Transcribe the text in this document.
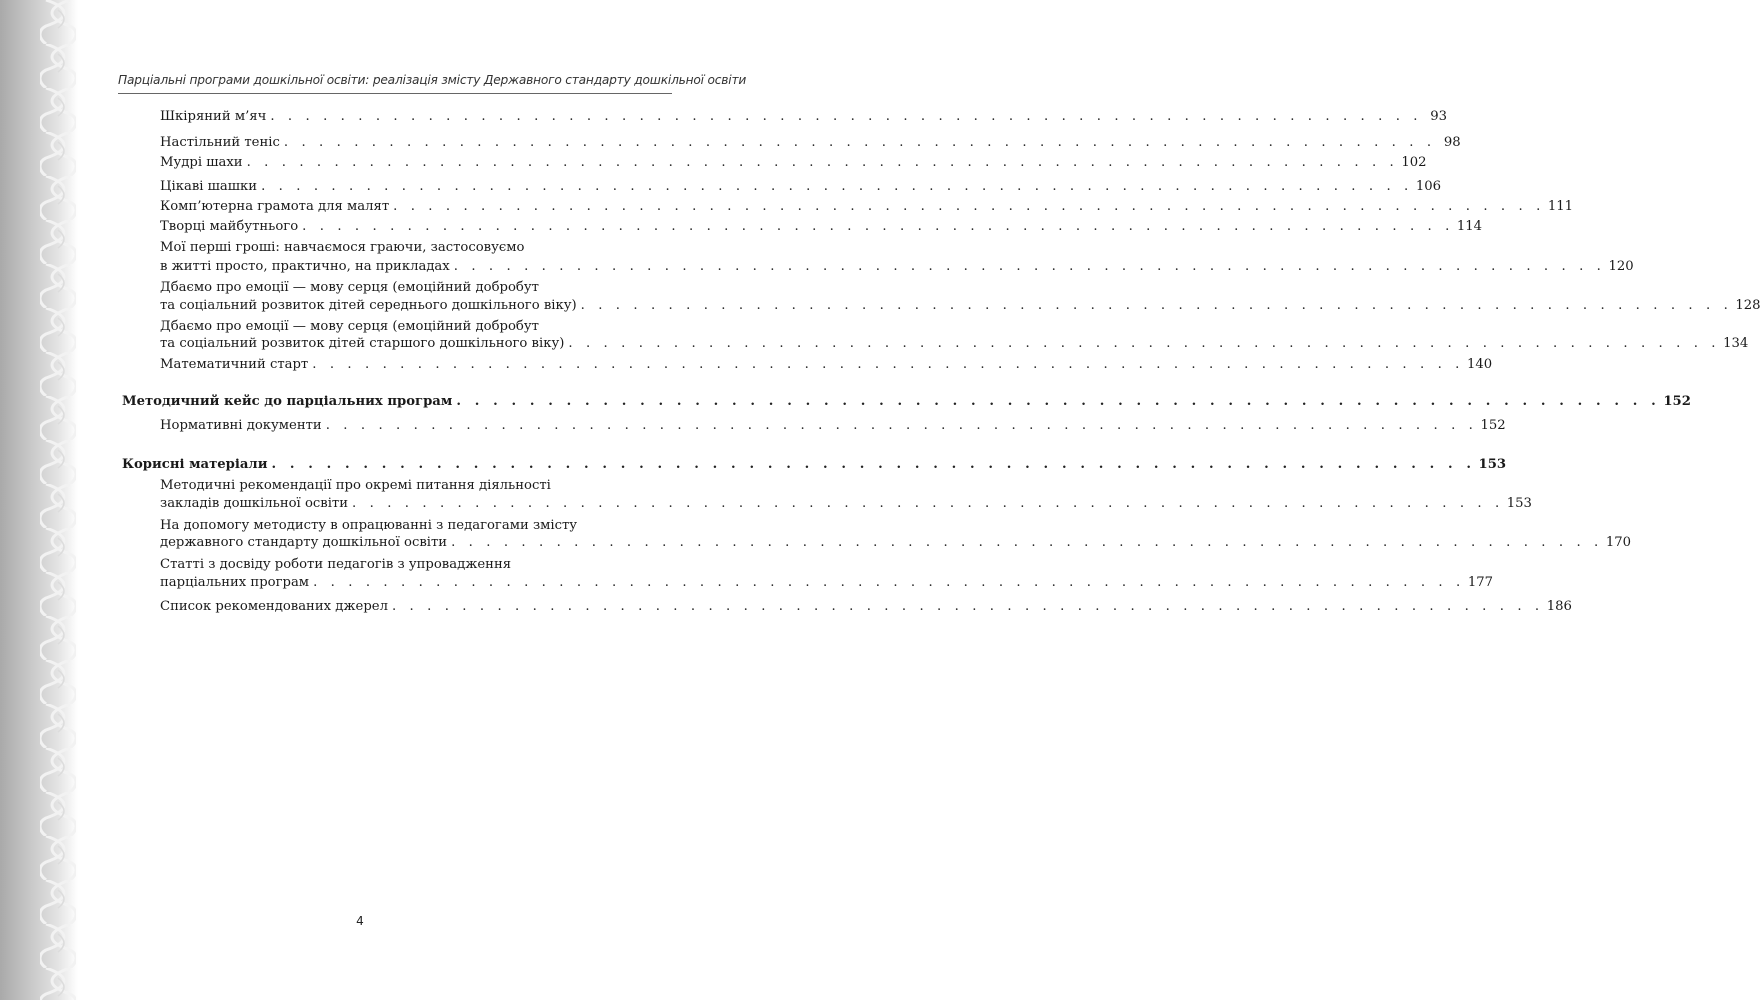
Парціальні програми дошкільної освіти: реалізація змісту Державного стандарту дошкільної освіти
Шкіряний м’яч . . . . . . . . . . . . . . . . . . . . . . . . . . . . . . . . . . . . . . . . . . . . . . . . . . . . . . . . . . . . . . . . . . 93
Настільний теніс . . . . . . . . . . . . . . . . . . . . . . . . . . . . . . . . . . . . . . . . . . . . . . . . . . . . . . . . . . . . . . . . . . 98
Мудрі шахи . . . . . . . . . . . . . . . . . . . . . . . . . . . . . . . . . . . . . . . . . . . . . . . . . . . . . . . . . . . . . . . . . . 102
Цікаві шашки . . . . . . . . . . . . . . . . . . . . . . . . . . . . . . . . . . . . . . . . . . . . . . . . . . . . . . . . . . . . . . . . . . 106
Комп’ютерна грамота для малят . . . . . . . . . . . . . . . . . . . . . . . . . . . . . . . . . . . . . . . . . . . . . . . . . . . . . . . . . . . . . . . . . . 111
Творці майбутнього . . . . . . . . . . . . . . . . . . . . . . . . . . . . . . . . . . . . . . . . . . . . . . . . . . . . . . . . . . . . . . . . . . 114
Мої перші гроші: навчаємося граючи, застосовуємо
в житті просто, практично, на прикладах . . . . . . . . . . . . . . . . . . . . . . . . . . . . . . . . . . . . . . . . . . . . . . . . . . . . . . . . . . . . . . . . . . 120
Дбаємо про емоції — мову серця (емоційний добробут
та соціальний розвиток дітей середнього дошкільного віку) . . . . . . . . . . . . . . . . . . . . . . . . . . . . . . . . . . . . . . . . . . . . . . . . . . . . . . . . . . . . . . . . . . 128
Дбаємо про емоції — мову серця (емоційний добробут
та соціальний розвиток дітей старшого дошкільного віку) . . . . . . . . . . . . . . . . . . . . . . . . . . . . . . . . . . . . . . . . . . . . . . . . . . . . . . . . . . . . . . . . . . 134
Математичний старт . . . . . . . . . . . . . . . . . . . . . . . . . . . . . . . . . . . . . . . . . . . . . . . . . . . . . . . . . . . . . . . . . . 140
Методичний кейс до парціальних програм . . . . . . . . . . . . . . . . . . . . . . . . . . . . . . . . . . . . . . . . . . . . . . . . . . . . . . . . . . . . . . . . . . 152
Нормативні документи . . . . . . . . . . . . . . . . . . . . . . . . . . . . . . . . . . . . . . . . . . . . . . . . . . . . . . . . . . . . . . . . . . 152
Корисні матеріали . . . . . . . . . . . . . . . . . . . . . . . . . . . . . . . . . . . . . . . . . . . . . . . . . . . . . . . . . . . . . . . . . . 153
Методичні рекомендації про окремі питання діяльності
закладів дошкільної освіти . . . . . . . . . . . . . . . . . . . . . . . . . . . . . . . . . . . . . . . . . . . . . . . . . . . . . . . . . . . . . . . . . . 153
На допомогу методисту в опрацюванні з педагогами змісту
державного стандарту дошкільної освіти . . . . . . . . . . . . . . . . . . . . . . . . . . . . . . . . . . . . . . . . . . . . . . . . . . . . . . . . . . . . . . . . . . 170
Статті з досвіду роботи педагогів з упровадження
парціальних програм . . . . . . . . . . . . . . . . . . . . . . . . . . . . . . . . . . . . . . . . . . . . . . . . . . . . . . . . . . . . . . . . . . 177
Список рекомендованих джерел . . . . . . . . . . . . . . . . . . . . . . . . . . . . . . . . . . . . . . . . . . . . . . . . . . . . . . . . . . . . . . . . . . 186
4
